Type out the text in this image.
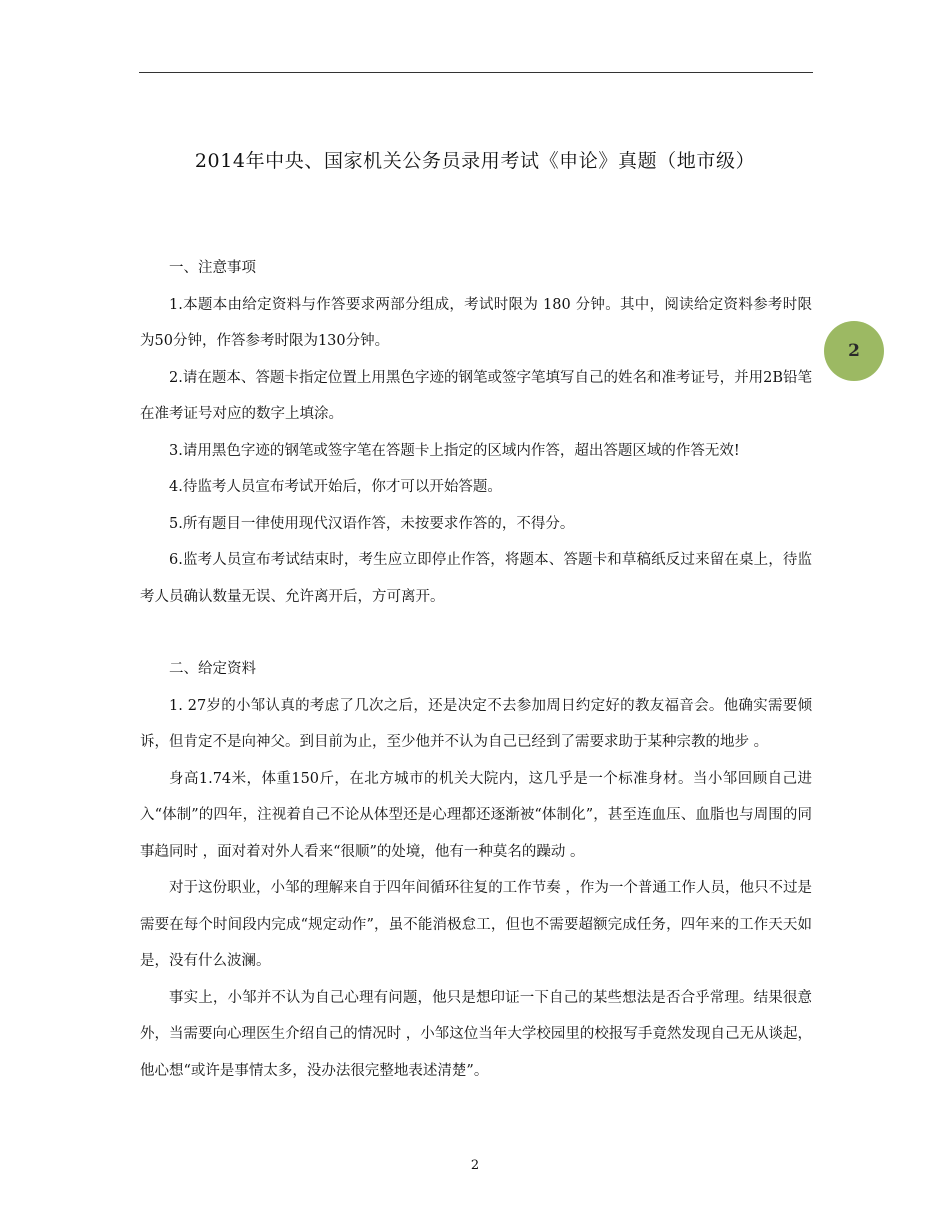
2014年中央、国家机关公务员录用考试《申论》真题（地市级）
2

一、注意事项

1.本题本由给定资料与作答要求两部分组成，考试时限为 180 分钟。其中，阅读给定资料参考时限为50分钟，作答参考时限为130分钟。

2.请在题本、答题卡指定位置上用黑色字迹的钢笔或签字笔填写自己的姓名和准考证号，并用2B铅笔在准考证号对应的数字上填涂。

3.请用黑色字迹的钢笔或签字笔在答题卡上指定的区域内作答，超出答题区域的作答无效!

4.待监考人员宣布考试开始后，你才可以开始答题。

5.所有题目一律使用现代汉语作答，未按要求作答的，不得分。

6.监考人员宣布考试结束时，考生应立即停止作答，将题本、答题卡和草稿纸反过来留在桌上，待监考人员确认数量无误、允许离开后，方可离开。

二、给定资料

1. 27岁的小邹认真的考虑了几次之后，还是决定不去参加周日约定好的教友福音会。他确实需要倾诉，但肯定不是向神父。到目前为止，至少他并不认为自己已经到了需要求助于某种宗教的地步 。

身高1.74米，体重150斤，在北方城市的机关大院内，这几乎是一个标准身材。当小邹回顾自己进入“体制”的四年，注视着自己不论从体型还是心理都还逐渐被“体制化”，甚至连血压、血脂也与周围的同事趋同时 ，面对着对外人看来“很顺”的处境，他有一种莫名的躁动 。

对于这份职业，小邹的理解来自于四年间循环往复的工作节奏 ，作为一个普通工作人员，他只不过是需要在每个时间段内完成“规定动作”，虽不能消极怠工，但也不需要超额完成任务，四年来的工作天天如是，没有什么波澜。

事实上，小邹并不认为自己心理有问题，他只是想印证一下自己的某些想法是否合乎常理。结果很意外，当需要向心理医生介绍自己的情况时 ，小邹这位当年大学校园里的校报写手竟然发现自己无从谈起，他心想“或许是事情太多，没办法很完整地表述清楚”。

2
